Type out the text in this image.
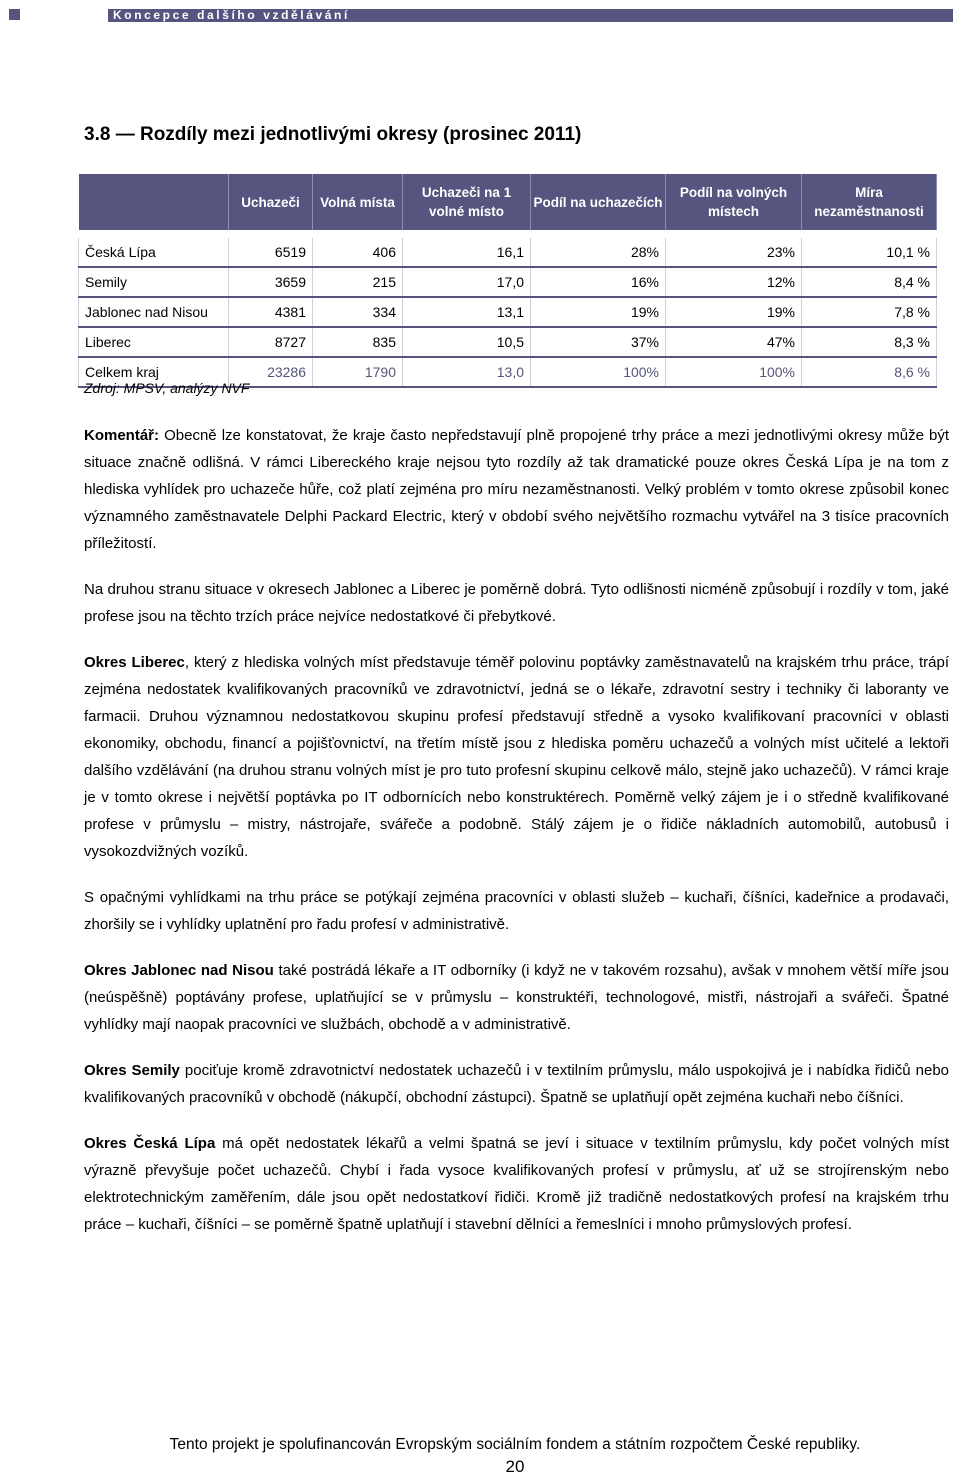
Koncepce dalšího vzdělávání
3.8 — Rozdíly mezi jednotlivými okresy (prosinec 2011)
	Uchazeči	Volná místa	Uchazeči na 1 volné místo	Podíl na uchazečích	Podíl na volných místech	Míra nezaměstnanosti

Česká Lípa	6519	406	16,1	28%	23%	10,1 %
Semily	3659	215	17,0	16%	12%	8,4 %
Jablonec nad Nisou	4381	334	13,1	19%	19%	7,8 %
Liberec	8727	835	10,5	37%	47%	8,3 %
Celkem kraj	23286	1790	13,0	100%	100%	8,6 %
Zdroj: MPSV, analýzy NVF

Komentář: Obecně lze konstatovat, že kraje často nepředstavují plně propojené trhy práce a mezi jednotlivými okresy může být situace značně odlišná. V rámci Libereckého kraje nejsou tyto rozdíly až tak dramatické pouze okres Česká Lípa je na tom z hlediska vyhlídek pro uchazeče hůře, což platí zejména pro míru nezaměstnanosti. Velký problém v tomto okrese způsobil konec významného zaměstnavatele Delphi Packard Electric, který v období svého největšího rozmachu vytvářel na 3 tisíce pracovních příležitostí.

Na druhou stranu situace v okresech Jablonec a Liberec je poměrně dobrá. Tyto odlišnosti nicméně způsobují i rozdíly v tom, jaké profese jsou na těchto trzích práce nejvíce nedostatkové či přebytkové.

Okres Liberec, který z hlediska volných míst představuje téměř polovinu poptávky zaměstnavatelů na krajském trhu práce, trápí zejména nedostatek kvalifikovaných pracovníků ve zdravotnictví, jedná se o lékaře, zdravotní sestry i techniky či laboranty ve farmacii. Druhou významnou nedostatkovou skupinu profesí představují středně a vysoko kvalifikovaní pracovníci v oblasti ekonomiky, obchodu, financí a pojišťovnictví, na třetím místě jsou z hlediska poměru uchazečů a volných míst učitelé a lektoři dalšího vzdělávání (na druhou stranu volných míst je pro tuto profesní skupinu celkově málo, stejně jako uchazečů). V rámci kraje je v tomto okrese i největší poptávka po IT odbornících nebo konstruktérech. Poměrně velký zájem je i o středně kvalifikované profese v průmyslu – mistry, nástrojaře, svářeče a podobně. Stálý zájem je o řidiče nákladních automobilů, autobusů i vysokozdvižných vozíků.

S opačnými vyhlídkami na trhu práce se potýkají zejména pracovníci v oblasti služeb – kuchaři, číšníci, kadeřnice a prodavači, zhoršily se i vyhlídky uplatnění pro řadu profesí v administrativě.

Okres Jablonec nad Nisou také postrádá lékaře a IT odborníky (i když ne v takovém rozsahu), avšak v mnohem větší míře jsou (neúspěšně) poptávány profese, uplatňující se v průmyslu – konstruktéři, technologové, mistři, nástrojaři a svářeči. Špatné vyhlídky mají naopak pracovníci ve službách, obchodě a v administrativě.

Okres Semily pociťuje kromě zdravotnictví nedostatek uchazečů i v textilním průmyslu, málo uspokojivá je i nabídka řidičů nebo kvalifikovaných pracovníků v obchodě (nákupčí, obchodní zástupci). Špatně se uplatňují opět zejména kuchaři nebo číšníci.

Okres Česká Lípa má opět nedostatek lékařů a velmi špatná se jeví i situace v textilním průmyslu, kdy počet volných míst výrazně převyšuje počet uchazečů. Chybí i řada vysoce kvalifikovaných profesí v průmyslu, ať už se strojírenským nebo elektrotechnickým zaměřením, dále jsou opět nedostatkoví řidiči. Kromě již tradičně nedostatkových profesí na krajském trhu práce – kuchaři, číšníci – se poměrně špatně uplatňují i stavební dělníci a řemeslníci i mnoho průmyslových profesí.

Tento projekt je spolufinancován Evropským sociálním fondem a státním rozpočtem České republiky.
20
